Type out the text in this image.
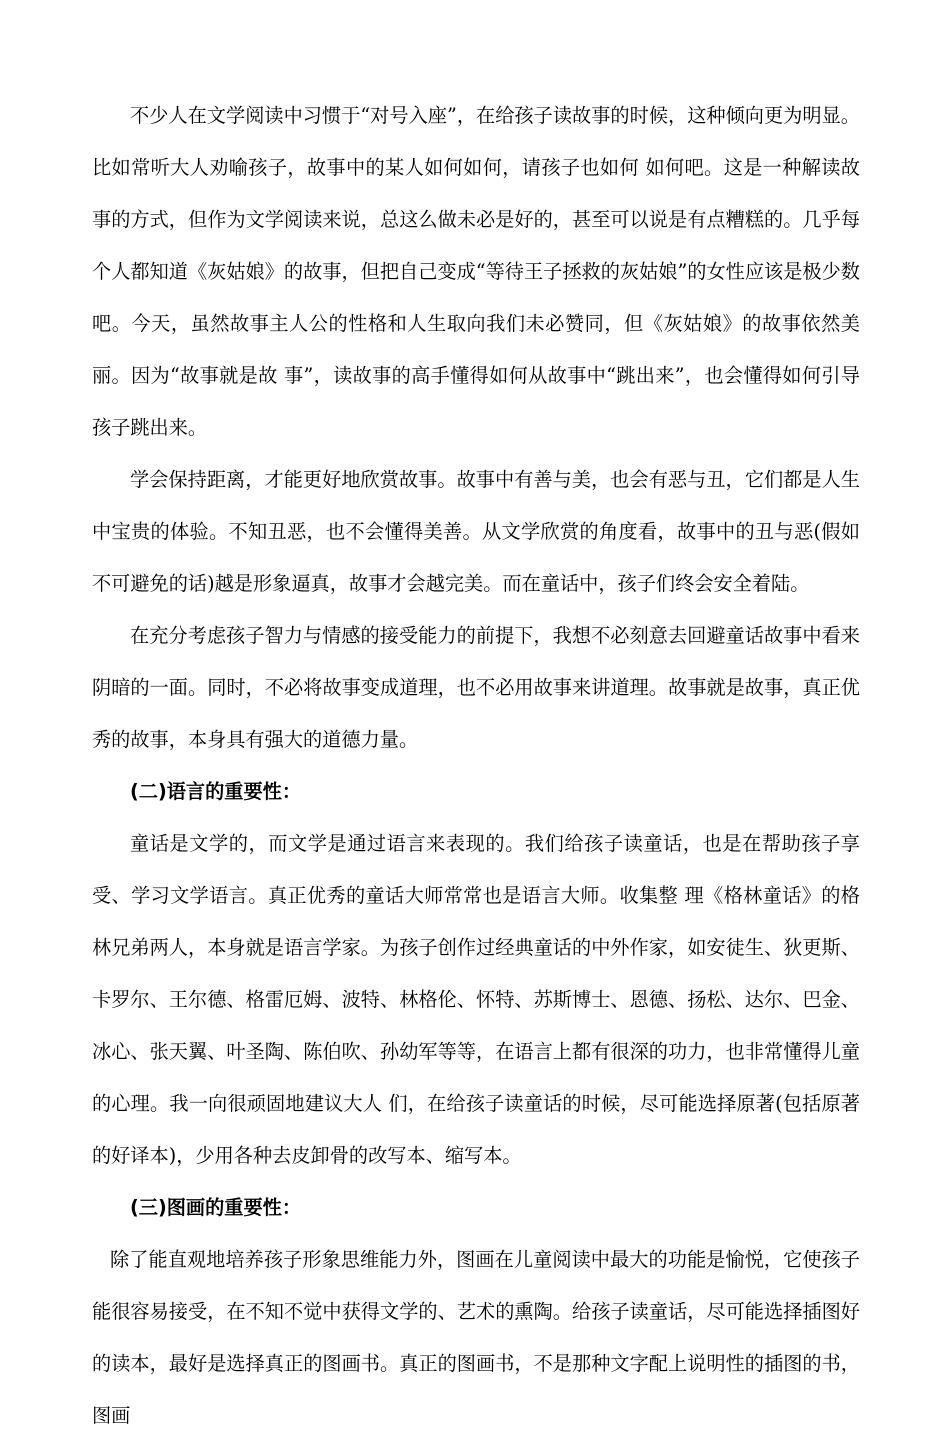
不少人在文学阅读中习惯于“对号入座”，在给孩子读故事的时候，这种倾向更为明显。比如常听大人劝喻孩子，故事中的某人如何如何，请孩子也如何 如何吧。这是一种解读故事的方式，但作为文学阅读来说，总这么做未必是好的，甚至可以说是有点糟糕的。几乎每个人都知道《灰姑娘》的故事，但把自己变成“等待王子拯救的灰姑娘”的女性应该是极少数吧。今天，虽然故事主人公的性格和人生取向我们未必赞同，但《灰姑娘》的故事依然美丽。因为“故事就是故 事”，读故事的高手懂得如何从故事中“跳出来”，也会懂得如何引导孩子跳出来。

学会保持距离，才能更好地欣赏故事。故事中有善与美，也会有恶与丑，它们都是人生中宝贵的体验。不知丑恶，也不会懂得美善。从文学欣赏的角度看，故事中的丑与恶(假如不可避免的话)越是形象逼真，故事才会越完美。而在童话中，孩子们终会安全着陆。

在充分考虑孩子智力与情感的接受能力的前提下，我想不必刻意去回避童话故事中看来阴暗的一面。同时，不必将故事变成道理，也不必用故事来讲道理。故事就是故事，真正优秀的故事，本身具有强大的道德力量。

(二)语言的重要性：

童话是文学的，而文学是通过语言来表现的。我们给孩子读童话，也是在帮助孩子享受、学习文学语言。真正优秀的童话大师常常也是语言大师。收集整 理《格林童话》的格林兄弟两人，本身就是语言学家。为孩子创作过经典童话的中外作家，如安徒生、狄更斯、卡罗尔、王尔德、格雷厄姆、波特、林格伦、怀特、苏斯博士、恩德、扬松、达尔、巴金、冰心、张天翼、叶圣陶、陈伯吹、孙幼军等等，在语言上都有很深的功力，也非常懂得儿童的心理。我一向很顽固地建议大人 们，在给孩子读童话的时候，尽可能选择原著(包括原著的好译本)，少用各种去皮卸骨的改写本、缩写本。

(三)图画的重要性：

除了能直观地培养孩子形象思维能力外，图画在儿童阅读中最大的功能是愉悦，它使孩子能很容易接受，在不知不觉中获得文学的、艺术的熏陶。给孩子读童话，尽可能选择插图好的读本，最好是选择真正的图画书。真正的图画书，不是那种文字配上说明性的插图的书，图画
